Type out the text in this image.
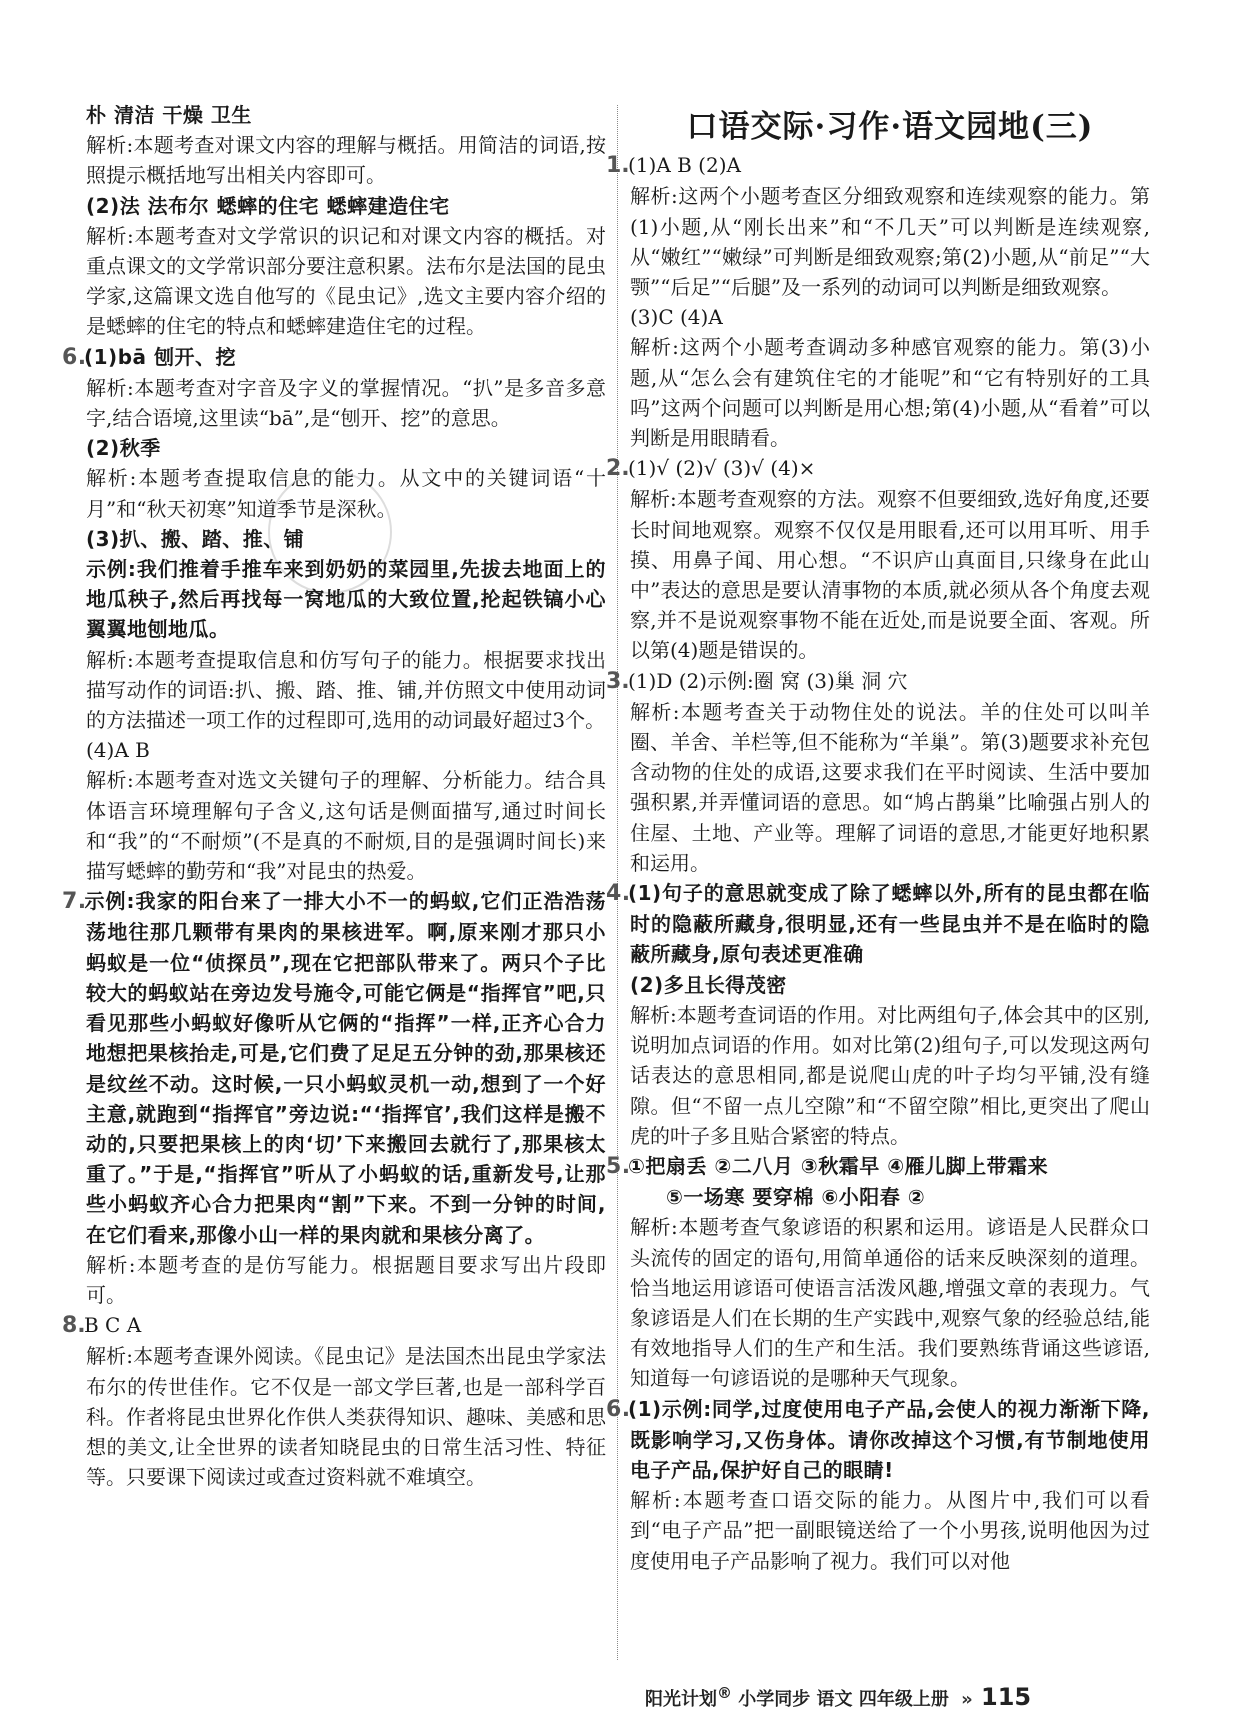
朴 清洁 干燥 卫生

解析:本题考查对课文内容的理解与概括。用简洁的词语,按照提示概括地写出相关内容即可。

(2)法 法布尔 蟋蟀的住宅 蟋蟀建造住宅

解析:本题考查对文学常识的识记和对课文内容的概括。对重点课文的文学常识部分要注意积累。法布尔是法国的昆虫学家,这篇课文选自他写的《昆虫记》,选文主要内容介绍的是蟋蟀的住宅的特点和蟋蟀建造住宅的过程。

6.(1)bā 刨开、挖

解析:本题考查对字音及字义的掌握情况。“扒”是多音多意字,结合语境,这里读“bā”,是“刨开、挖”的意思。

(2)秋季

解析:本题考查提取信息的能力。从文中的关键词语“十月”和“秋天初寒”知道季节是深秋。

(3)扒、搬、踏、推、铺

示例:我们推着手推车来到奶奶的菜园里,先拔去地面上的地瓜秧子,然后再找每一窝地瓜的大致位置,抡起铁镐小心翼翼地刨地瓜。

解析:本题考查提取信息和仿写句子的能力。根据要求找出描写动作的词语:扒、搬、踏、推、铺,并仿照文中使用动词的方法描述一项工作的过程即可,选用的动词最好超过3个。

(4)A B

解析:本题考查对选文关键句子的理解、分析能力。结合具体语言环境理解句子含义,这句话是侧面描写,通过时间长和“我”的“不耐烦”(不是真的不耐烦,目的是强调时间长)来描写蟋蟀的勤劳和“我”对昆虫的热爱。

7.示例:我家的阳台来了一排大小不一的蚂蚁,它们正浩浩荡荡地往那几颗带有果肉的果核进军。啊,原来刚才那只小蚂蚁是一位“侦探员”,现在它把部队带来了。两只个子比较大的蚂蚁站在旁边发号施令,可能它俩是“指挥官”吧,只看见那些小蚂蚁好像听从它俩的“指挥”一样,正齐心合力地想把果核抬走,可是,它们费了足足五分钟的劲,那果核还是纹丝不动。这时候,一只小蚂蚁灵机一动,想到了一个好主意,就跑到“指挥官”旁边说:“‘指挥官’,我们这样是搬不动的,只要把果核上的肉‘切’下来搬回去就行了,那果核太重了。”于是,“指挥官”听从了小蚂蚁的话,重新发号,让那些小蚂蚁齐心合力把果肉“割”下来。不到一分钟的时间,在它们看来,那像小山一样的果肉就和果核分离了。

解析:本题考查的是仿写能力。根据题目要求写出片段即可。

8.B C A

解析:本题考查课外阅读。《昆虫记》是法国杰出昆虫学家法布尔的传世佳作。它不仅是一部文学巨著,也是一部科学百科。作者将昆虫世界化作供人类获得知识、趣味、美感和思想的美文,让全世界的读者知晓昆虫的日常生活习性、特征等。只要课下阅读过或查过资料就不难填空。

口语交际·习作·语文园地(三)

1.(1)A B (2)A

解析:这两个小题考查区分细致观察和连续观察的能力。第(1)小题,从“刚长出来”和“不几天”可以判断是连续观察,从“嫩红”“嫩绿”可判断是细致观察;第(2)小题,从“前足”“大颚”“后足”“后腿”及一系列的动词可以判断是细致观察。

(3)C (4)A

解析:这两个小题考查调动多种感官观察的能力。第(3)小题,从“怎么会有建筑住宅的才能呢”和“它有特别好的工具吗”这两个问题可以判断是用心想;第(4)小题,从“看着”可以判断是用眼睛看。

2.(1)√ (2)√ (3)√ (4)×

解析:本题考查观察的方法。观察不但要细致,选好角度,还要长时间地观察。观察不仅仅是用眼看,还可以用耳听、用手摸、用鼻子闻、用心想。“不识庐山真面目,只缘身在此山中”表达的意思是要认清事物的本质,就必须从各个角度去观察,并不是说观察事物不能在近处,而是说要全面、客观。所以第(4)题是错误的。

3.(1)D (2)示例:圈 窝 (3)巢 洞 穴

解析:本题考查关于动物住处的说法。羊的住处可以叫羊圈、羊舍、羊栏等,但不能称为“羊巢”。第(3)题要求补充包含动物的住处的成语,这要求我们在平时阅读、生活中要加强积累,并弄懂词语的意思。如“鸠占鹊巢”比喻强占别人的住屋、土地、产业等。理解了词语的意思,才能更好地积累和运用。

4.(1)句子的意思就变成了除了蟋蟀以外,所有的昆虫都在临时的隐蔽所藏身,很明显,还有一些昆虫并不是在临时的隐蔽所藏身,原句表述更准确

(2)多且长得茂密

解析:本题考查词语的作用。对比两组句子,体会其中的区别,说明加点词语的作用。如对比第(2)组句子,可以发现这两句话表达的意思相同,都是说爬山虎的叶子均匀平铺,没有缝隙。但“不留一点儿空隙”和“不留空隙”相比,更突出了爬山虎的叶子多且贴合紧密的特点。

5.①把扇丢 ②二八月 ③秋霜早 ④雁儿脚上带霜来

⑤一场寒 要穿棉 ⑥小阳春 ②

解析:本题考查气象谚语的积累和运用。谚语是人民群众口头流传的固定的语句,用简单通俗的话来反映深刻的道理。恰当地运用谚语可使语言活泼风趣,增强文章的表现力。气象谚语是人们在长期的生产实践中,观察气象的经验总结,能有效地指导人们的生产和生活。我们要熟练背诵这些谚语,知道每一句谚语说的是哪种天气现象。

6.(1)示例:同学,过度使用电子产品,会使人的视力渐渐下降,既影响学习,又伤身体。请你改掉这个习惯,有节制地使用电子产品,保护好自己的眼睛!

解析:本题考查口语交际的能力。从图片中,我们可以看到“电子产品”把一副眼镜送给了一个小男孩,说明他因为过度使用电子产品影响了视力。我们可以对他

阳光计划® 小学同步 语文 四年级上册 » 115
